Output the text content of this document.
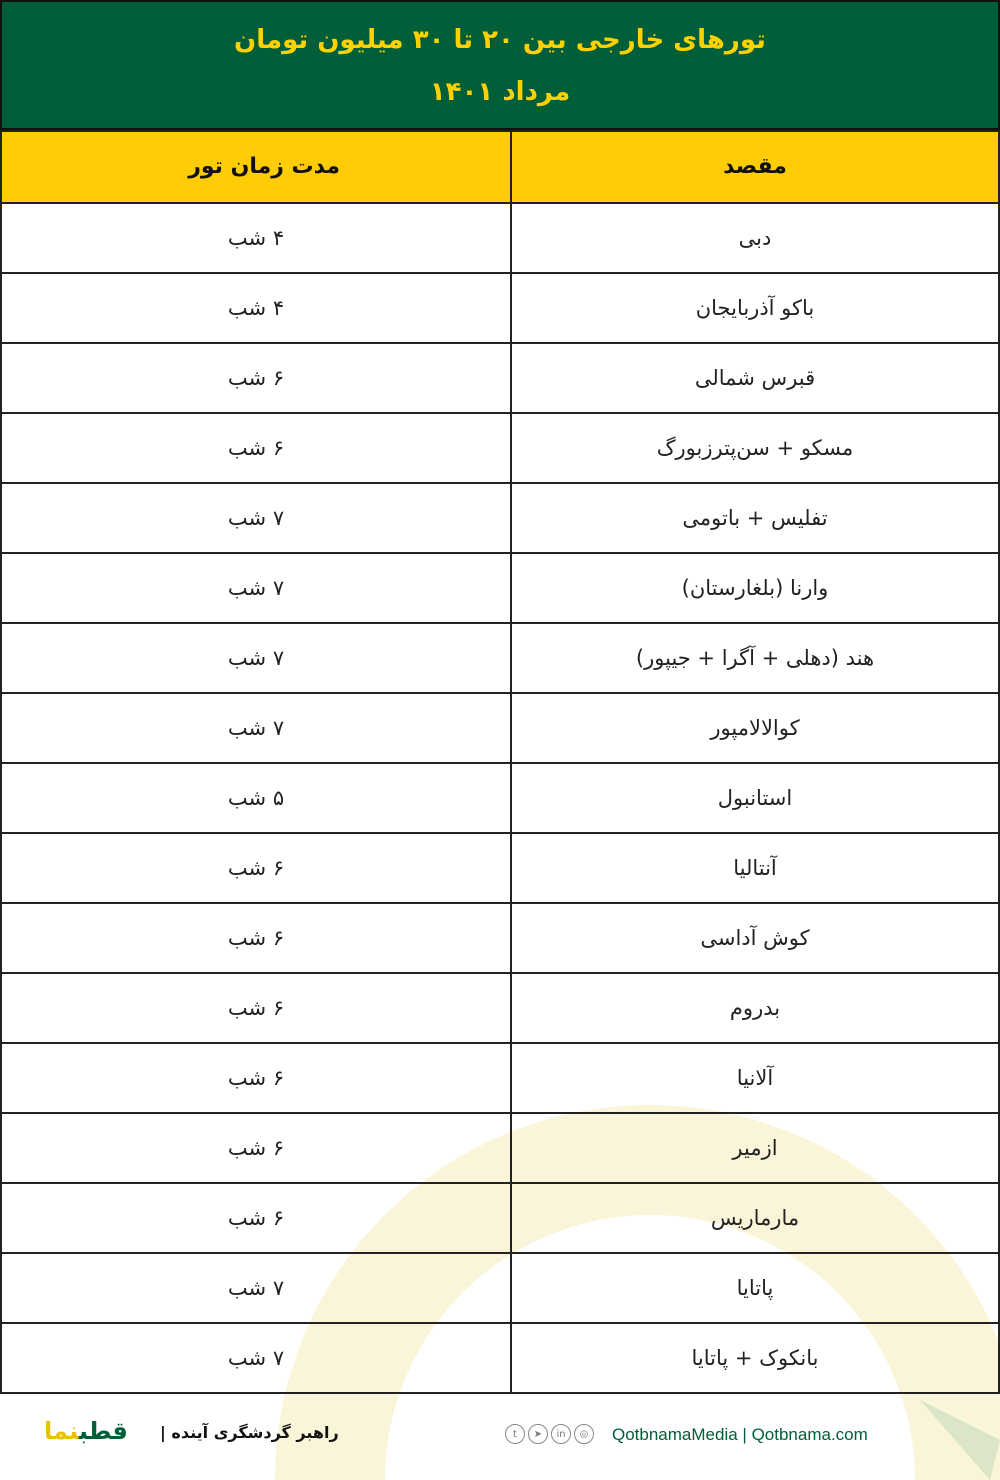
تورهای خارجی بین ۲۰ تا ۳۰ میلیون تومان
مرداد ۱۴۰۱
مقصد
مدت زمان تور
دبی
۴ شب
باکو آذربایجان
۴ شب
قبرس شمالی
۶ شب
مسکو + سن‌پترزبورگ
۶ شب
تفلیس + باتومی
۷ شب
وارنا (بلغارستان)
۷ شب
هند (دهلی + آگرا + جیپور)
۷ شب
کوالالامپور
۷ شب
استانبول
۵ شب
آنتالیا
۶ شب
کوش آداسی
۶ شب
بدروم
۶ شب
آلانیا
۶ شب
ازمیر
۶ شب
مارماریس
۶ شب
پاتایا
۷ شب
بانکوک + پاتایا
۷ شب
قطبنما	راهبر گردشگری آینده |	t	➤	in	◎	QotbnamaMedia | Qotbnama.com
